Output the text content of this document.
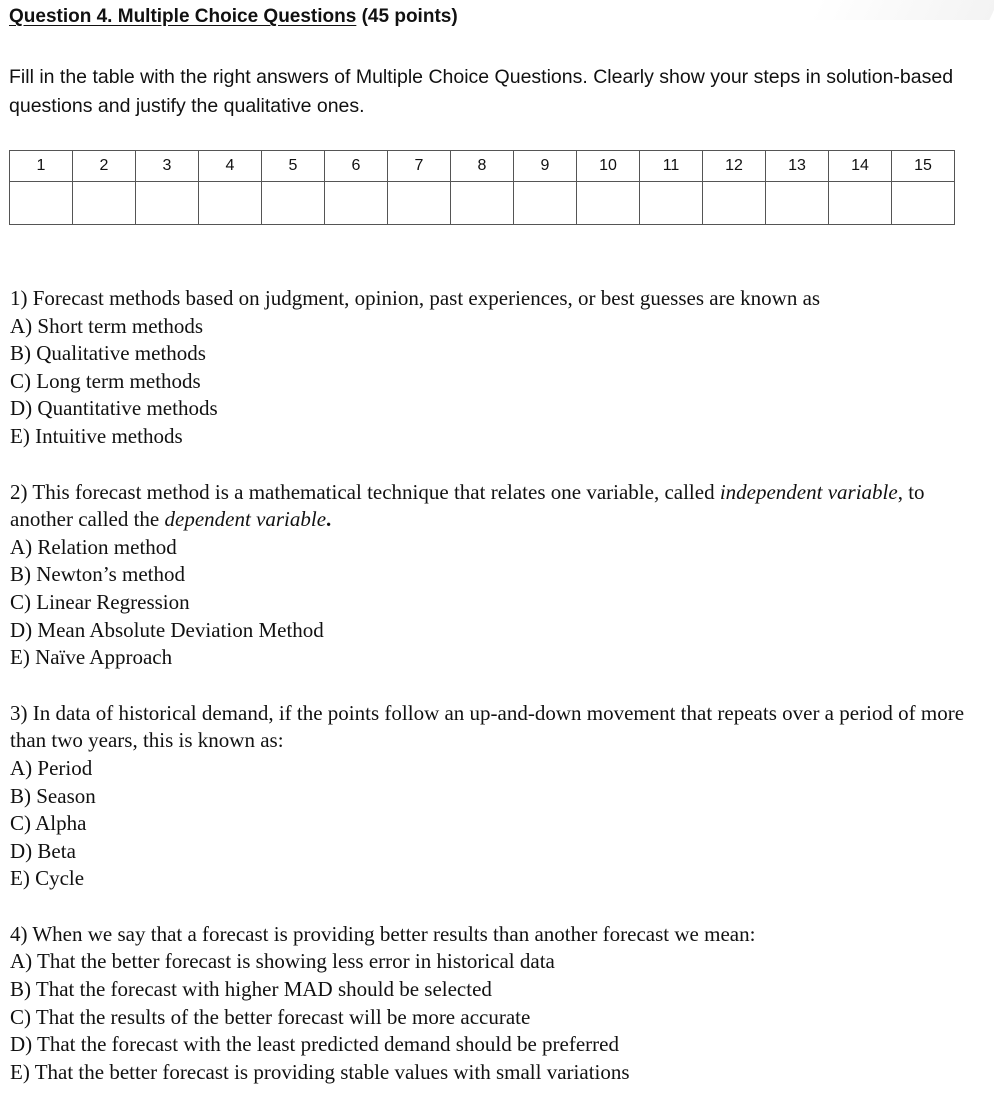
Question 4. Multiple Choice Questions (45 points)
Fill in the table with the right answers of Multiple Choice Questions. Clearly show your steps in solution-based questions and justify the qualitative ones.
1	2	3	4	5	6	7	8	9	10	11	12	13	14	15

1) Forecast methods based on judgment, opinion, past experiences, or best guesses are known as
A) Short term methods
B) Qualitative methods
C) Long term methods
D) Quantitative methods
E) Intuitive methods
2) This forecast method is a mathematical technique that relates one variable, called independent variable, to another called the dependent variable.
A) Relation method
B) Newton’s method
C) Linear Regression
D) Mean Absolute Deviation Method
E) Naïve Approach
3) In data of historical demand, if the points follow an up-and-down movement that repeats over a period of more than two years, this is known as:
A) Period
B) Season
C) Alpha
D) Beta
E) Cycle
4) When we say that a forecast is providing better results than another forecast we mean:
A) That the better forecast is showing less error in historical data
B) That the forecast with higher MAD should be selected
C) That the results of the better forecast will be more accurate
D) That the forecast with the least predicted demand should be preferred
E) That the better forecast is providing stable values with small variations
